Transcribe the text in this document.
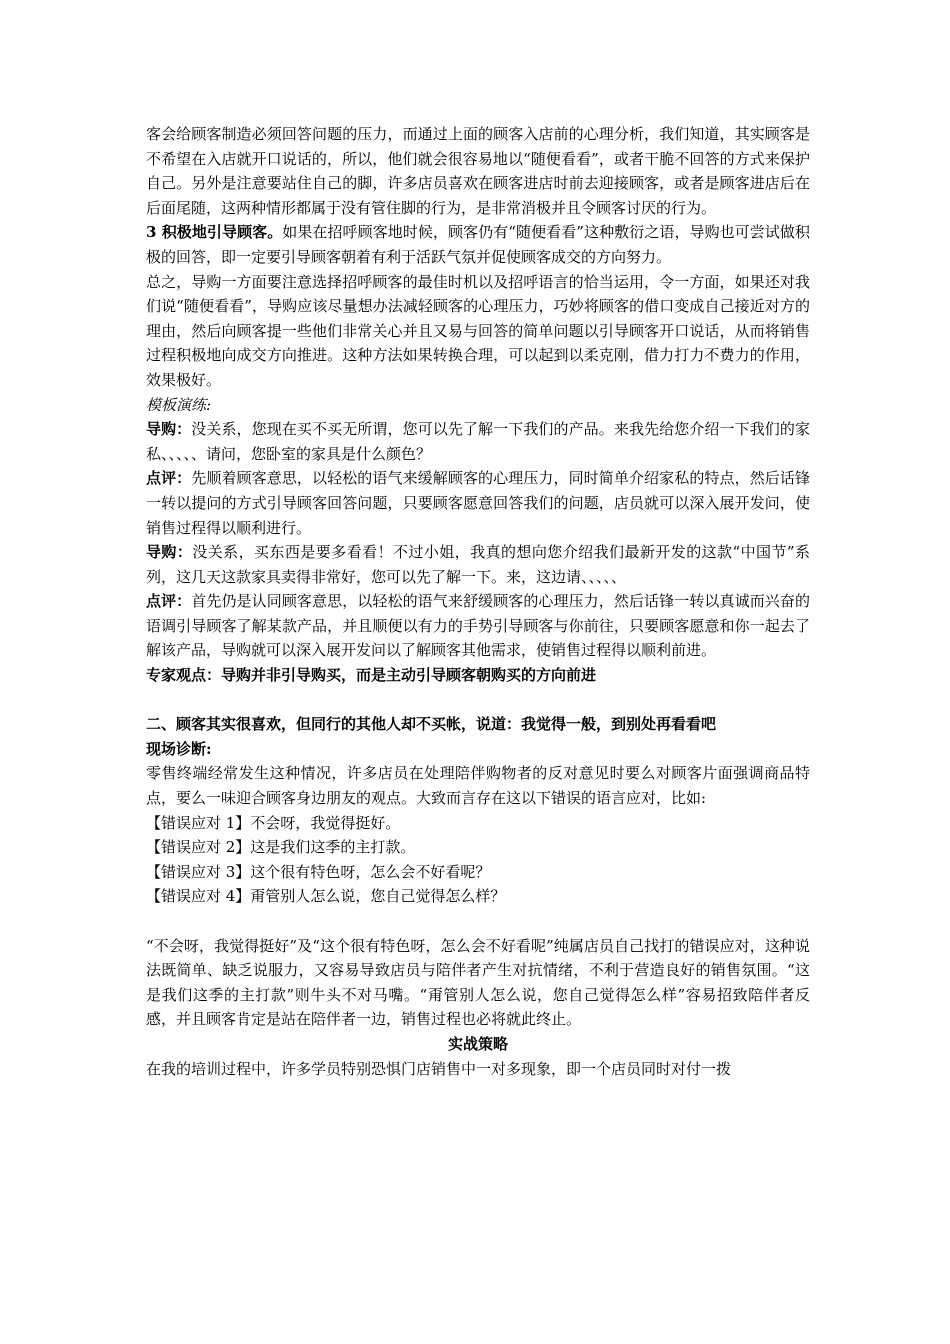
客会给顾客制造必须回答问题的压力，而通过上面的顾客入店前的心理分析，我们知道，其实顾客是不希望在入店就开口说话的，所以，他们就会很容易地以“随便看看”，或者干脆不回答的方式来保护自己。另外是注意要站住自己的脚，许多店员喜欢在顾客进店时前去迎接顾客，或者是顾客进店后在后面尾随，这两种情形都属于没有管住脚的行为，是非常消极并且令顾客讨厌的行为。

3 积极地引导顾客。如果在招呼顾客地时候，顾客仍有“随便看看”这种敷衍之语，导购也可尝试做积极的回答，即一定要引导顾客朝着有利于活跃气氛并促使顾客成交的方向努力。

总之，导购一方面要注意选择招呼顾客的最佳时机以及招呼语言的恰当运用，令一方面，如果还对我们说“随便看看”，导购应该尽量想办法减轻顾客的心理压力，巧妙将顾客的借口变成自己接近对方的理由，然后向顾客提一些他们非常关心并且又易与回答的简单问题以引导顾客开口说话，从而将销售过程积极地向成交方向推进。这种方法如果转换合理，可以起到以柔克刚，借力打力不费力的作用，效果极好。

模板演练:

导购：没关系，您现在买不买无所谓，您可以先了解一下我们的产品。来我先给您介绍一下我们的家私、、、、、请问，您卧室的家具是什么颜色？

点评：先顺着顾客意思，以轻松的语气来缓解顾客的心理压力，同时简单介绍家私的特点，然后话锋一转以提问的方式引导顾客回答问题，只要顾客愿意回答我们的问题，店员就可以深入展开发问，使销售过程得以顺利进行。

导购：没关系，买东西是要多看看！不过小姐，我真的想向您介绍我们最新开发的这款“中国节”系列，这几天这款家具卖得非常好，您可以先了解一下。来，这边请、、、、、

点评：首先仍是认同顾客意思，以轻松的语气来舒缓顾客的心理压力，然后话锋一转以真诚而兴奋的语调引导顾客了解某款产品，并且顺便以有力的手势引导顾客与你前往，只要顾客愿意和你一起去了解该产品，导购就可以深入展开发问以了解顾客其他需求，使销售过程得以顺利前进。

专家观点：导购并非引导购买，而是主动引导顾客朝购买的方向前进

二、顾客其实很喜欢，但同行的其他人却不买帐，说道：我觉得一般，到别处再看看吧

现场诊断:

零售终端经常发生这种情况，许多店员在处理陪伴购物者的反对意见时要么对顾客片面强调商品特点，要么一味迎合顾客身边朋友的观点。大致而言存在这以下错误的语言应对，比如:

【错误应对 1】不会呀，我觉得挺好。

【错误应对 2】这是我们这季的主打款。

【错误应对 3】这个很有特色呀，怎么会不好看呢？

【错误应对 4】甭管别人怎么说，您自己觉得怎么样？

“不会呀，我觉得挺好”及“这个很有特色呀，怎么会不好看呢”纯属店员自己找打的错误应对，这种说法既简单、缺乏说服力，又容易导致店员与陪伴者产生对抗情绪，不利于营造良好的销售氛围。“这是我们这季的主打款”则牛头不对马嘴。“甭管别人怎么说，您自己觉得怎么样”容易招致陪伴者反感，并且顾客肯定是站在陪伴者一边，销售过程也必将就此终止。

实战策略

在我的培训过程中，许多学员特别恐惧门店销售中一对多现象，即一个店员同时对付一拨
